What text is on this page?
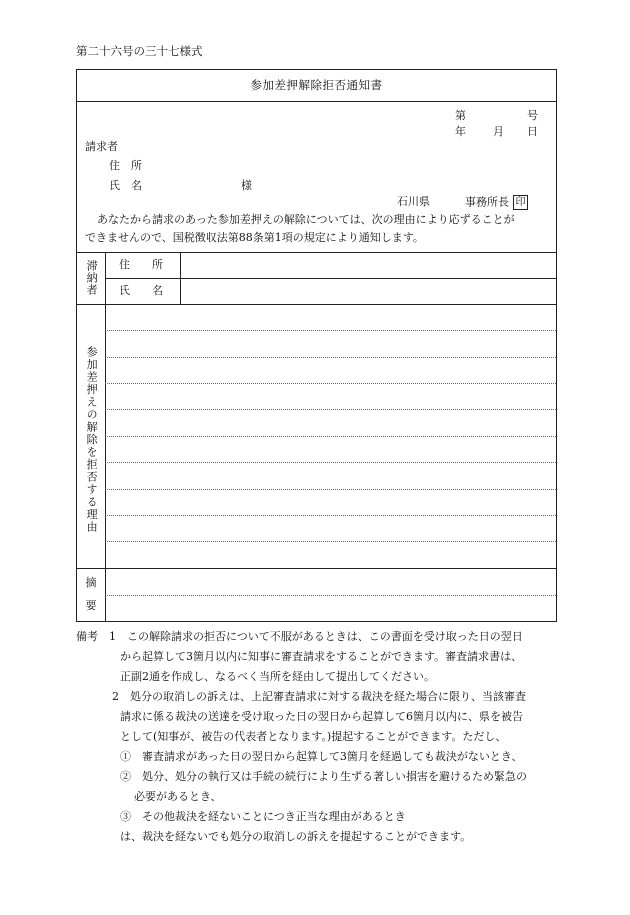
第二十六号の三十七様式
参加差押解除拒否通知書
第	号
年 月 日
請求者
住　所
氏　名	様
石川県	事務所長 印
あなたから請求のあった参加差押えの解除については、次の理由により応ずることが
できませんので、国税徴収法第88条第1項の規定により通知します。
滞納者	住　　所
氏　　名
参加差押えの解除を拒否する理由
摘
要
備考　1　この解除請求の拒否について不服があるときは、この書面を受け取った日の翌日
から起算して3箇月以内に知事に審査請求をすることができます。審査請求書は、
正副2通を作成し、なるべく当所を経由して提出してください。
2　処分の取消しの訴えは、上記審査請求に対する裁決を経た場合に限り、当該審査
請求に係る裁決の送達を受け取った日の翌日から起算して6箇月以内に、県を被告
として(知事が、被告の代表者となります。)提起することができます。ただし、
①　審査請求があった日の翌日から起算して3箇月を経過しても裁決がないとき、
②　処分、処分の執行又は手続の続行により生ずる著しい損害を避けるため緊急の
必要があるとき、
③　その他裁決を経ないことにつき正当な理由があるとき
は、裁決を経ないでも処分の取消しの訴えを提起することができます。
